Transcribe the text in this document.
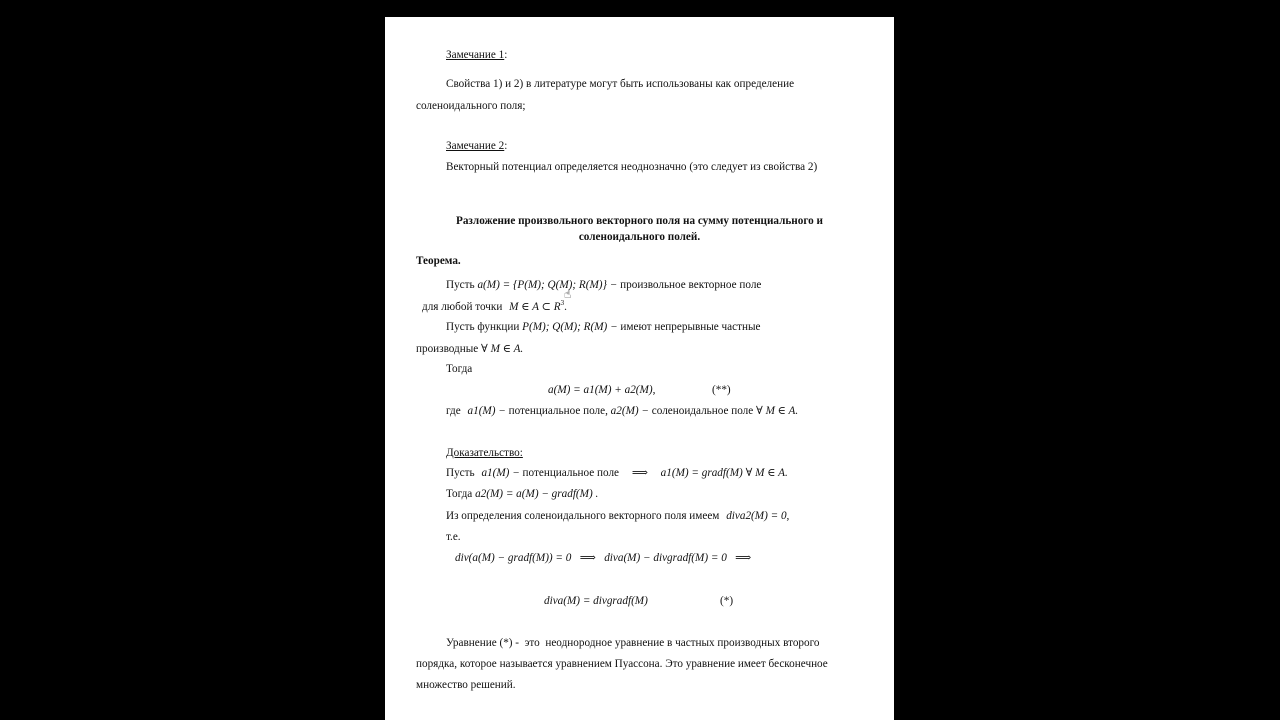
Замечание 1:
Свойства 1) и 2) в литературе могут быть использованы как определение
соленоидального поля;
Замечание 2:
Векторный потенциал определяется неоднозначно (это следует из свойства 2)
Разложение произвольного векторного поля на сумму потенциального и
соленоидального полей.
Теорема.
Пусть a(M) = {P(M); Q(M); R(M)} − произвольное векторное поле
☝
для любой точки M ∈ A ⊂ $R^3$.
Пусть функции P(M); Q(M); R(M) − имеют непрерывные частные
производные ∀ M ∈ A.
Тогда
a(M) = a1(M) + a2(M),	(**)
где a1(M) − потенциальное поле, a2(M) − соленоидальное поле ∀ M ∈ A.
Доказательство:
Пусть a1(M) − потенциальное поле ⟹ a1(M) = gradf(M) ∀ M ∈ A.
Тогда a2(M) = a(M) − gradf(M) .
Из определения соленоидального векторного поля имеем diva2(M) = 0,
т.е.
div(a(M) − gradf(M)) = 0   ⟹   diva(M) − divgradf(M) = 0   ⟹
diva(M) = divgradf(M)	(*)
Уравнение (*) -  это  неоднородное уравнение в частных производных второго
порядка, которое называется уравнением Пуассона. Это уравнение имеет бесконечное
множество решений.
